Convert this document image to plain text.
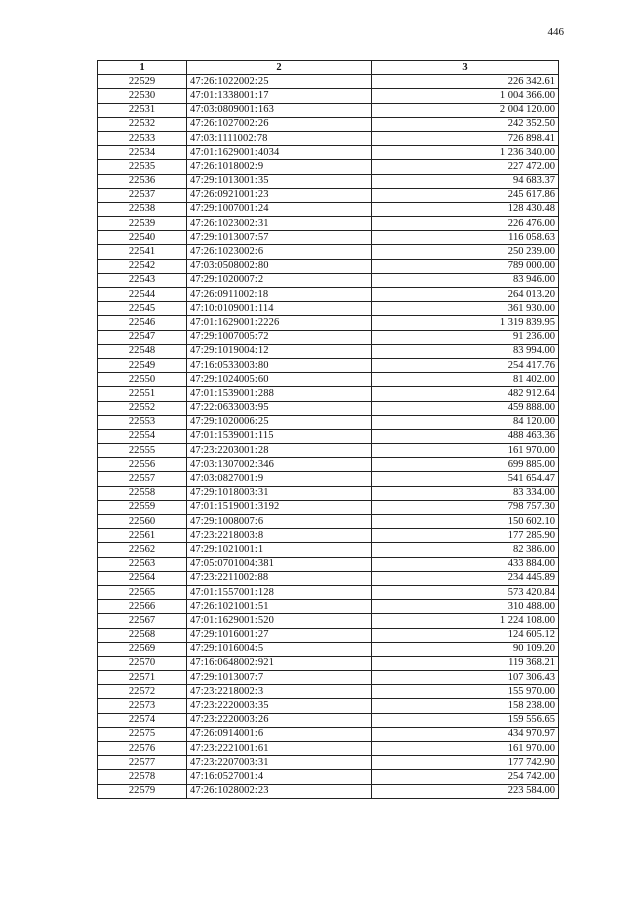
446
1	2	3
22529	47:26:1022002:25	226 342.61
22530	47:01:1338001:17	1 004 366.00
22531	47:03:0809001:163	2 004 120.00
22532	47:26:1027002:26	242 352.50
22533	47:03:1111002:78	726 898.41
22534	47:01:1629001:4034	1 236 340.00
22535	47:26:1018002:9	227 472.00
22536	47:29:1013001:35	94 683.37
22537	47:26:0921001:23	245 617.86
22538	47:29:1007001:24	128 430.48
22539	47:26:1023002:31	226 476.00
22540	47:29:1013007:57	116 058.63
22541	47:26:1023002:6	250 239.00
22542	47:03:0508002:80	789 000.00
22543	47:29:1020007:2	83 946.00
22544	47:26:0911002:18	264 013.20
22545	47:10:0109001:114	361 930.00
22546	47:01:1629001:2226	1 319 839.95
22547	47:29:1007005:72	91 236.00
22548	47:29:1019004:12	83 994.00
22549	47:16:0533003:80	254 417.76
22550	47:29:1024005:60	81 402.00
22551	47:01:1539001:288	482 912.64
22552	47:22:0633003:95	459 888.00
22553	47:29:1020006:25	84 120.00
22554	47:01:1539001:115	488 463.36
22555	47:23:2203001:28	161 970.00
22556	47:03:1307002:346	699 885.00
22557	47:03:0827001:9	541 654.47
22558	47:29:1018003:31	83 334.00
22559	47:01:1519001:3192	798 757.30
22560	47:29:1008007:6	150 602.10
22561	47:23:2218003:8	177 285.90
22562	47:29:1021001:1	82 386.00
22563	47:05:0701004:381	433 884.00
22564	47:23:2211002:88	234 445.89
22565	47:01:1557001:128	573 420.84
22566	47:26:1021001:51	310 488.00
22567	47:01:1629001:520	1 224 108.00
22568	47:29:1016001:27	124 605.12
22569	47:29:1016004:5	90 109.20
22570	47:16:0648002:921	119 368.21
22571	47:29:1013007:7	107 306.43
22572	47:23:2218002:3	155 970.00
22573	47:23:2220003:35	158 238.00
22574	47:23:2220003:26	159 556.65
22575	47:26:0914001:6	434 970.97
22576	47:23:2221001:61	161 970.00
22577	47:23:2207003:31	177 742.90
22578	47:16:0527001:4	254 742.00
22579	47:26:1028002:23	223 584.00
